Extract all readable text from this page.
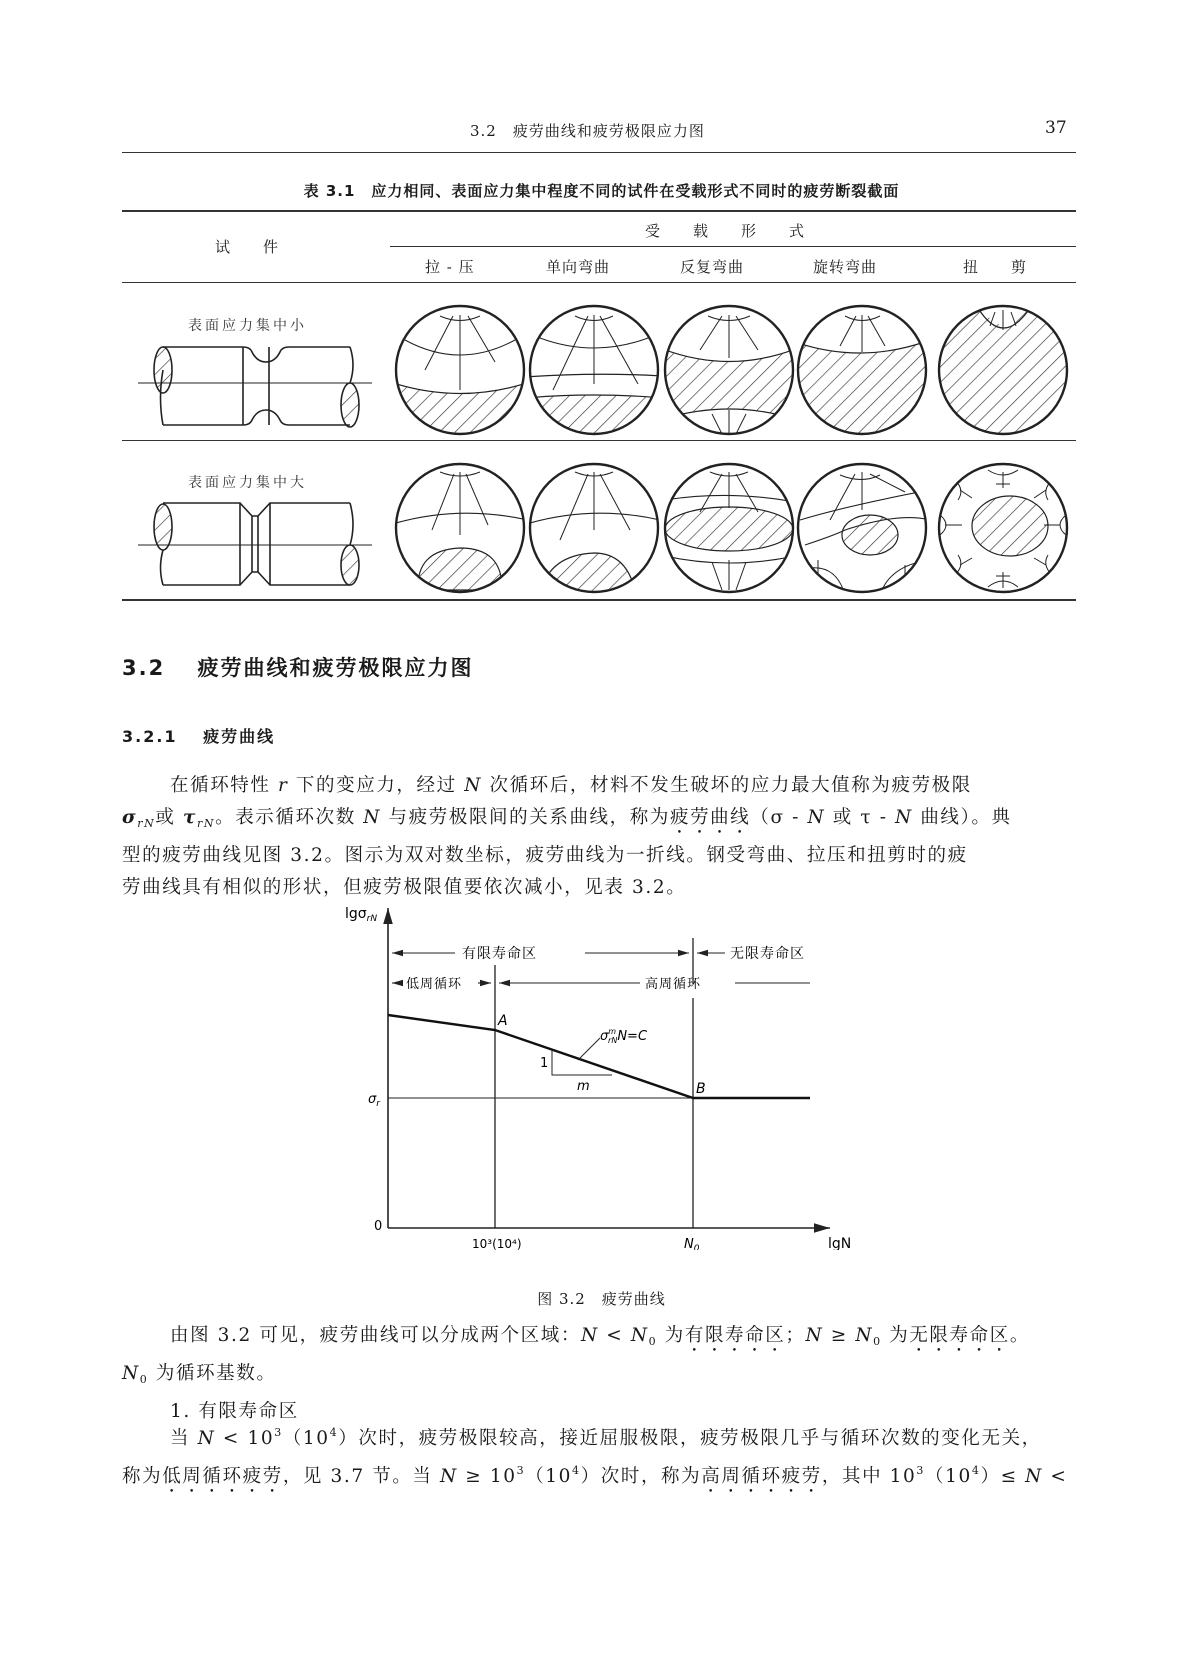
3.2　 疲劳曲线和疲劳极限应力图	37
表 3.1　应力相同、表面应力集中程度不同的试件在受载形式不同时的疲劳断裂截面
试　　件
受　　载　　形　　式
拉 - 压	单向弯曲	反复弯曲	旋转弯曲	扭　　剪
表面应力集中小
表面应力集中大
3.2　 疲劳曲线和疲劳极限应力图
3.2.1　 疲劳曲线
在循环特性 r 下的变应力，经过 N 次循环后，材料不发生破坏的应力最大值称为疲劳极限
$\sigma_{rN}$或 $\tau_{rN}$。表示循环次数 N 与疲劳极限间的关系曲线，称为疲劳曲线（σ - N 或 τ - N 曲线）。典
型的疲劳曲线见图 3.2。图示为双对数坐标，疲劳曲线为一折线。钢受弯曲、拉压和扭剪时的疲
劳曲线具有相似的形状，但疲劳极限值要依次减小，见表 3.2。
lgσ$_{rN}$
lgN
0
10³(10⁴)	$N_0$
$\sigma_r$
有限寿命区	无限寿命区
低周循环	高周循环
A
B
$\sigma^m$ rNN=C
1
m
图 3.2　疲劳曲线
由图 3.2 可见，疲劳曲线可以分成两个区域：$N < N_0$ 为有限寿命区；$N \ge N_0$ 为无限寿命区。
$N_0$ 为循环基数。
1. 有限寿命区
当 $N < 10^3(10^4)$次时，疲劳极限较高，接近屈服极限，疲劳极限几乎与循环次数的变化无关，
称为低周循环疲劳，见 3.7 节。当 $N \ge 10^3(10^4)$次时，称为高周循环疲劳，其中 $10^3(10^4)\le N$ <
